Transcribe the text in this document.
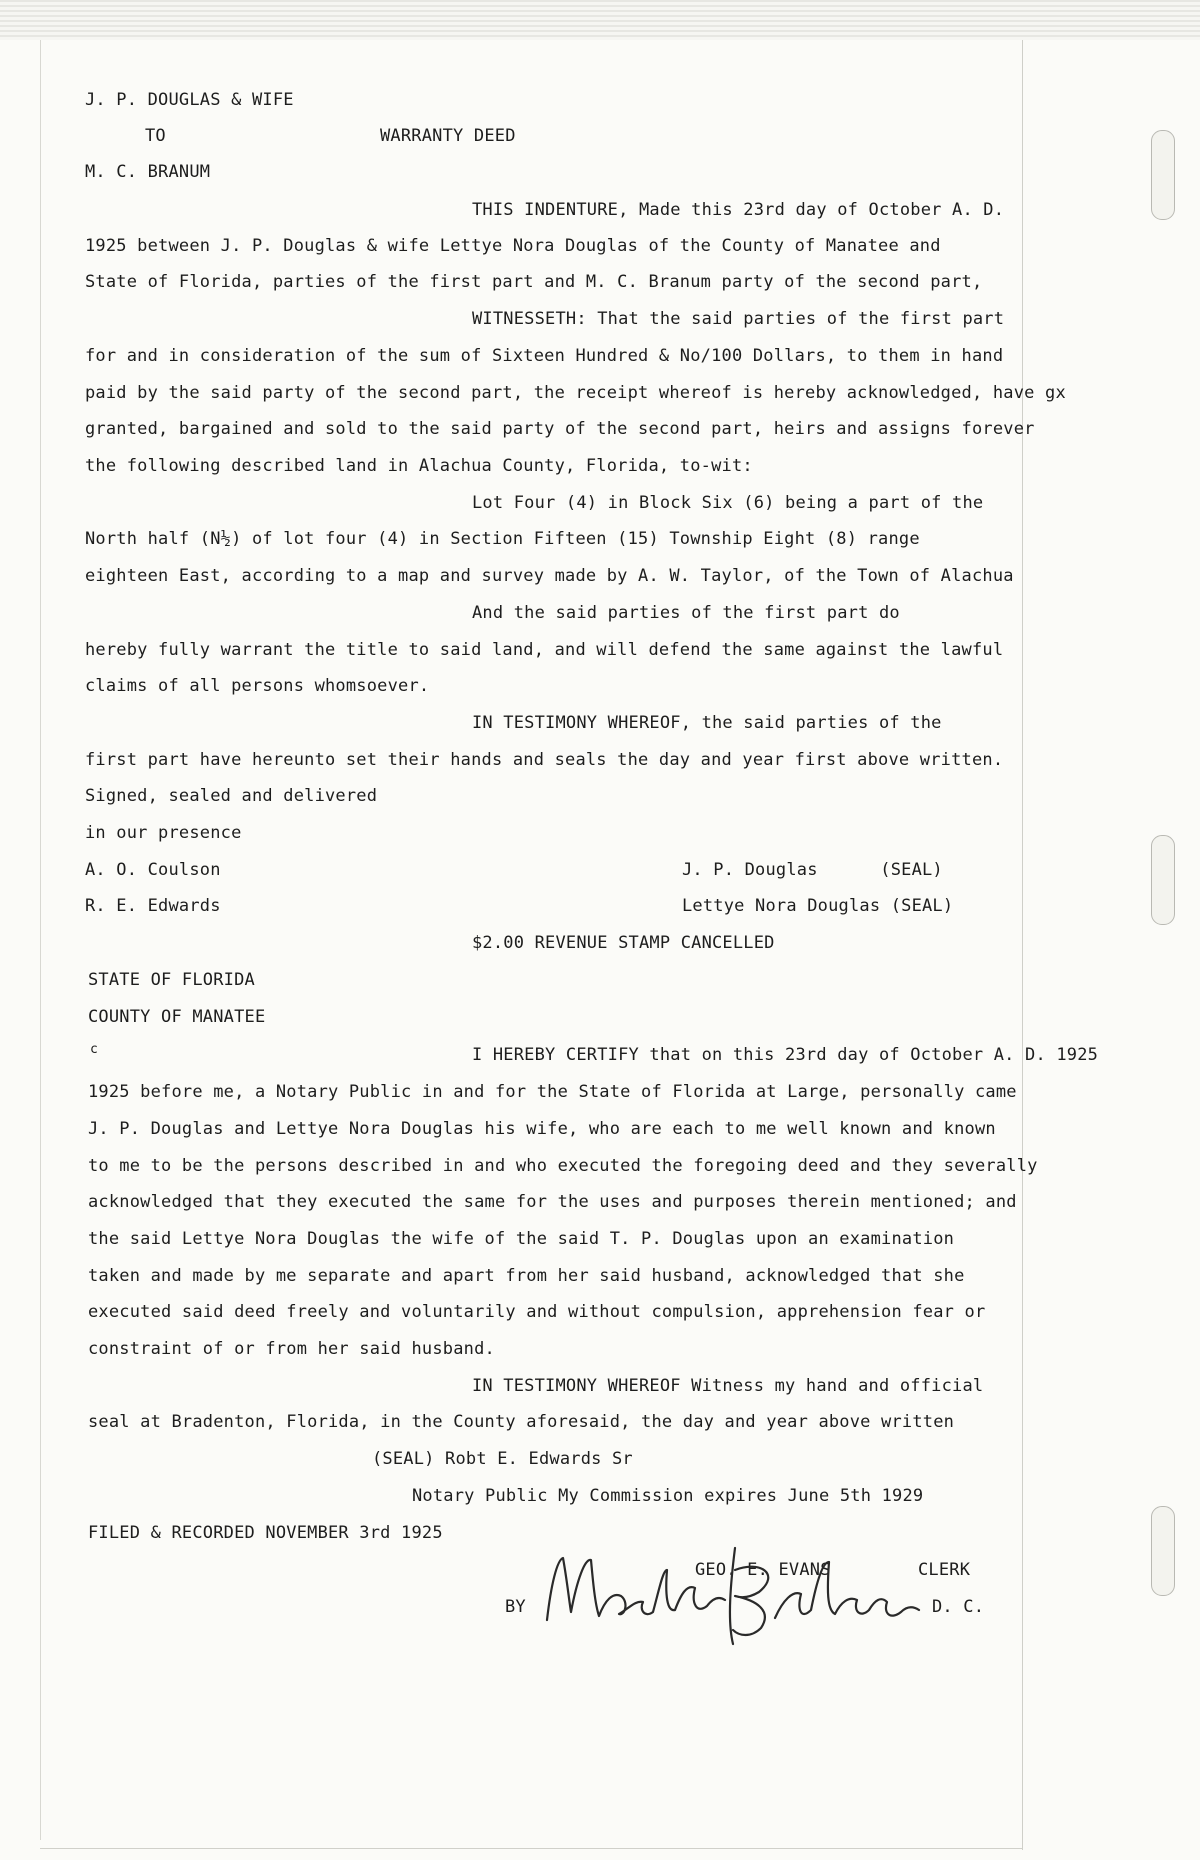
J. P. DOUGLAS & WIFE
TO	WARRANTY DEED
M. C. BRANUM
THIS INDENTURE, Made this 23rd day of October A. D.
1925 between J. P. Douglas & wife Lettye Nora Douglas of the County of Manatee and
State of Florida, parties of the first part and M. C. Branum party of the second part,
WITNESSETH: That the said parties of the first part
for and in consideration of the sum of Sixteen Hundred & No/100 Dollars, to them in hand
paid by the said party of the second part, the receipt whereof is hereby acknowledged, have gx
granted, bargained and sold to the said party of the second part, heirs and assigns forever
the following described land in Alachua County, Florida, to-wit:
Lot Four (4) in Block Six (6) being a part of the
North half (N½) of lot four (4) in Section Fifteen (15) Township Eight (8) range
eighteen East, according to a map and survey made by A. W. Taylor, of the Town of Alachua
And the said parties of the first part do
hereby fully warrant the title to said land, and will defend the same against the lawful
claims of all persons whomsoever.
IN TESTIMONY WHEREOF, the said parties of the
first part have hereunto set their hands and seals the day and year first above written.
Signed, sealed and delivered
in our presence
A. O. Coulson
R. E. Edwards
J. P. Douglas      (SEAL)
Lettye Nora Douglas (SEAL)
$2.00 REVENUE STAMP CANCELLED
STATE OF FLORIDA
COUNTY OF MANATEE
c	I HEREBY CERTIFY that on this 23rd day of October A. D. 1925
1925 before me, a Notary Public in and for the State of Florida at Large, personally came
J. P. Douglas and Lettye Nora Douglas his wife, who are each to me well known and known
to me to be the persons described in and who executed the foregoing deed and they severally
acknowledged that they executed the same for the uses and purposes therein mentioned; and
the said Lettye Nora Douglas the wife of the said T. P. Douglas upon an examination
taken and made by me separate and apart from her said husband, acknowledged that she
executed said deed freely and voluntarily and without compulsion, apprehension fear or
constraint of or from her said husband.
IN TESTIMONY WHEREOF Witness my hand and official
seal at Bradenton, Florida, in the County aforesaid, the day and year above written
(SEAL) Robt E. Edwards Sr
Notary Public My Commission expires June 5th 1929
FILED & RECORDED NOVEMBER 3rd 1925
GEO. E. EVANS	CLERK
BY	D. C.
